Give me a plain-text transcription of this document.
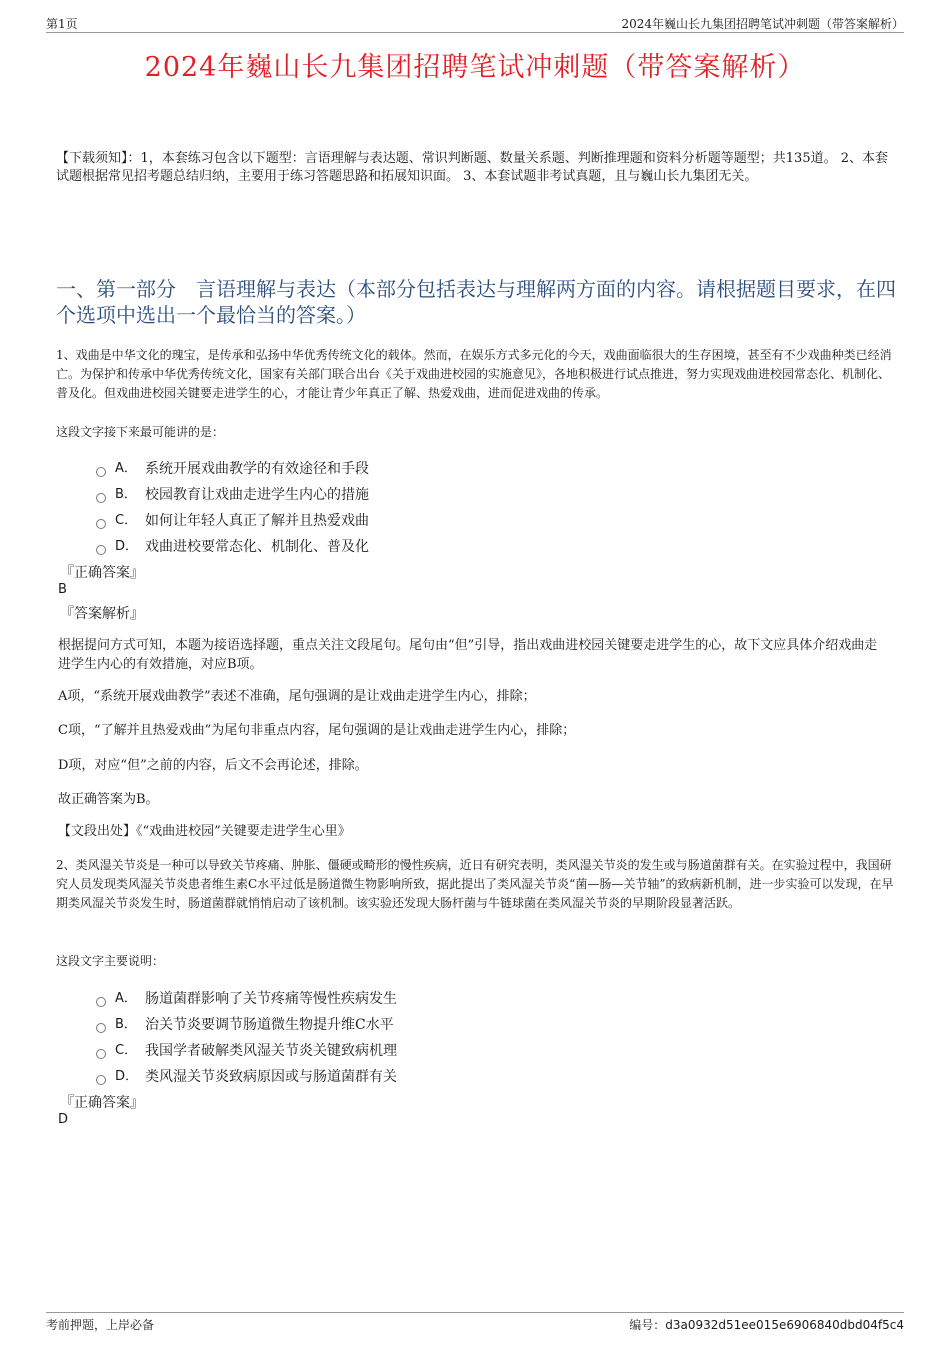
第1页	2024年巍山长九集团招聘笔试冲刺题（带答案解析）
2024年巍山长九集团招聘笔试冲刺题（带答案解析）
【下载须知】：1，本套练习包含以下题型：言语理解与表达题、常识判断题、数量关系题、判断推理题和资料分析题等题型；共135道。 2、本套试题根据常见招考题总结归纳，主要用于练习答题思路和拓展知识面。 3、本套试题非考试真题，且与巍山长九集团无关。
一、第一部分　言语理解与表达（本部分包括表达与理解两方面的内容。请根据题目要求，在四个选项中选出一个最恰当的答案。）
1、戏曲是中华文化的瑰宝，是传承和弘扬中华优秀传统文化的载体。然而，在娱乐方式多元化的今天，戏曲面临很大的生存困境，甚至有不少戏曲种类已经消亡。为保护和传承中华优秀传统文化，国家有关部门联合出台《关于戏曲进校园的实施意见》，各地积极进行试点推进，努力实现戏曲进校园常态化、机制化、普及化。但戏曲进校园关键要走进学生的心，才能让青少年真正了解、热爱戏曲，进而促进戏曲的传承。
这段文字接下来最可能讲的是：
A． 系统开展戏曲教学的有效途径和手段
B． 校园教育让戏曲走进学生内心的措施
C． 如何让年轻人真正了解并且热爱戏曲
D． 戏曲进校要常态化、机制化、普及化
『正确答案』
B
『答案解析』
根据提问方式可知，本题为接语选择题，重点关注文段尾句。尾句由“但”引导，指出戏曲进校园关键要走进学生的心，故下文应具体介绍戏曲走进学生内心的有效措施，对应B项。
A项，“系统开展戏曲教学”表述不准确，尾句强调的是让戏曲走进学生内心，排除；
C项，“了解并且热爱戏曲”为尾句非重点内容，尾句强调的是让戏曲走进学生内心，排除；
D项，对应“但”之前的内容，后文不会再论述，排除。
故正确答案为B。
【文段出处】《“戏曲进校园”关键要走进学生心里》
2、类风湿关节炎是一种可以导致关节疼痛、肿胀、僵硬或畸形的慢性疾病，近日有研究表明，类风湿关节炎的发生或与肠道菌群有关。在实验过程中，我国研究人员发现类风湿关节炎患者维生素C水平过低是肠道微生物影响所致，据此提出了类风湿关节炎“菌—肠—关节轴”的致病新机制，进一步实验可以发现，在早期类风湿关节炎发生时，肠道菌群就悄悄启动了该机制。该实验还发现大肠杆菌与牛链球菌在类风湿关节炎的早期阶段显著活跃。
这段文字主要说明：
A． 肠道菌群影响了关节疼痛等慢性疾病发生
B． 治关节炎要调节肠道微生物提升维C水平
C． 我国学者破解类风湿关节炎关键致病机理
D． 类风湿关节炎致病原因或与肠道菌群有关
『正确答案』
D
考前押题，上岸必备	编号：d3a0932d51ee015e6906840dbd04f5c4
